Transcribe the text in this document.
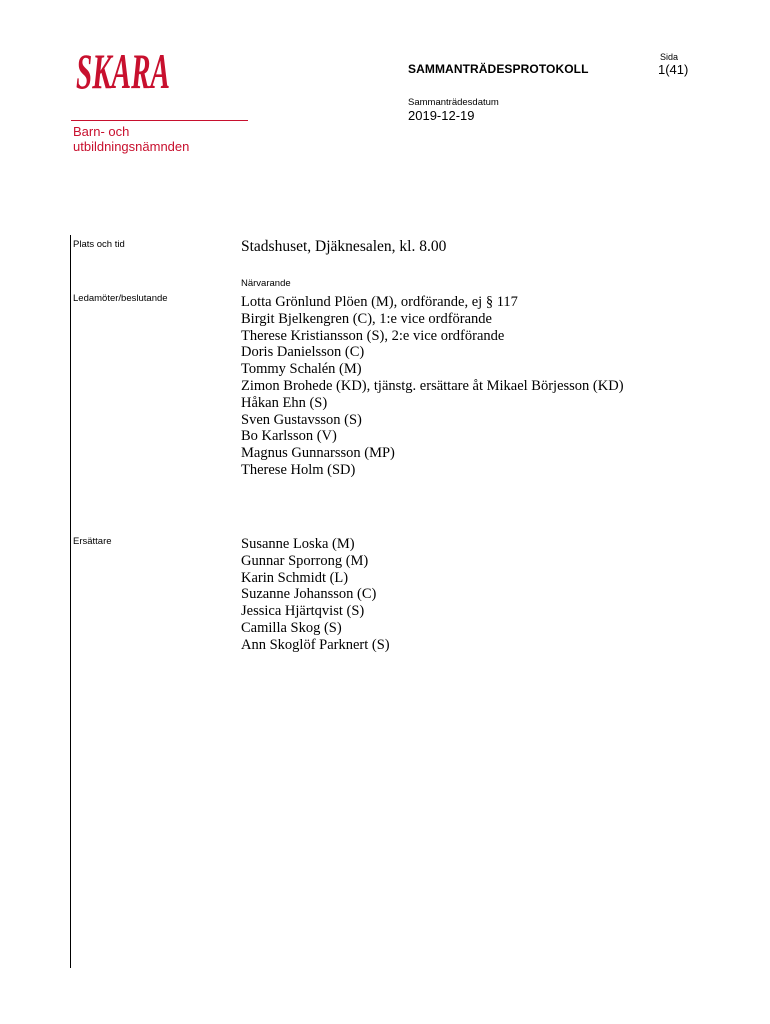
SKARA
Barn- och
utbildningsnämnden
SAMMANTRÄDESPROTOKOLL
Sida
1(41)
Sammanträdesdatum
2019-12-19
Plats och tid
Ledamöter/beslutande
Ersättare
Stadshuset, Djäknesalen, kl. 8.00
Närvarande
Lotta Grönlund Plöen (M), ordförande, ej § 117
Birgit Bjelkengren (C), 1:e vice ordförande
Therese Kristiansson (S), 2:e vice ordförande
Doris Danielsson (C)
Tommy Schalén (M)
Zimon Brohede (KD), tjänstg. ersättare åt Mikael Börjesson (KD)
Håkan Ehn (S)
Sven Gustavsson (S)
Bo Karlsson (V)
Magnus Gunnarsson (MP)
Therese Holm (SD)
Susanne Loska (M)
Gunnar Sporrong (M)
Karin Schmidt (L)
Suzanne Johansson (C)
Jessica Hjärtqvist (S)
Camilla Skog (S)
Ann Skoglöf Parknert (S)
